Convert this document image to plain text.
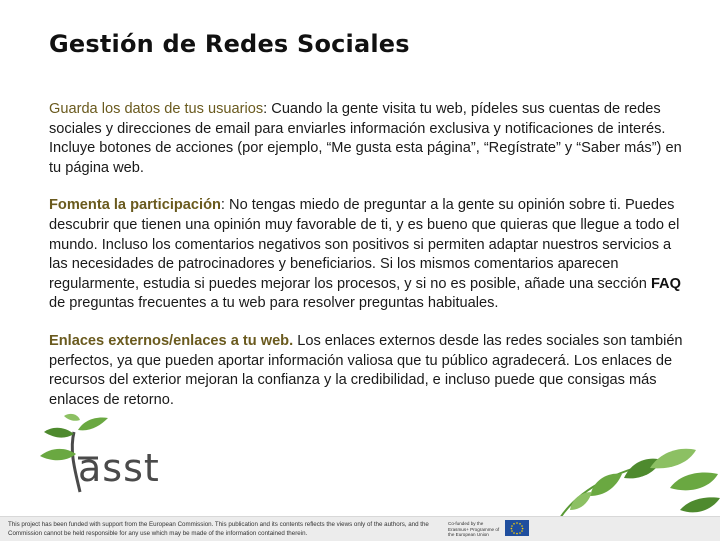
Gestión de Redes Sociales

Guarda los datos de tus usuarios: Cuando la gente visita tu web, pídeles sus cuentas de redes sociales y direcciones de email para enviarles información exclusiva y notificaciones de interés. Incluye botones de acciones (por ejemplo, “Me gusta esta página”, “Regístrate” y “Saber más”) en tu página web.

Fomenta la participación: No tengas miedo de preguntar a la gente su opinión sobre ti. Puedes descubrir que tienen una opinión muy favorable de ti, y es bueno que quieras que llegue a todo el mundo. Incluso los comentarios negativos son positivos si permiten adaptar nuestros servicios a las necesidades de patrocinadores y beneficiarios. Si los mismos comentarios aparecen regularmente, estudia si puedes mejorar los procesos, y si no es posible, añade una sección FAQ de preguntas frecuentes a tu web para resolver preguntas habituales.

Enlaces externos/enlaces a tu web. Los enlaces externos desde las redes sociales son también perfectos, ya que pueden aportar información valiosa que tu público agradecerá. Los enlaces de recursos del exterior mejoran la confianza y la credibilidad, e incluso puede que consigas más enlaces de retorno.

asst
This project has been funded with support from the European Commission. This publication and its contents reflects the views only of the authors, and the Commission cannot be held responsible for any use which may be made of the information contained therein.
Co-funded by the Erasmus+ Programme of the European Union
